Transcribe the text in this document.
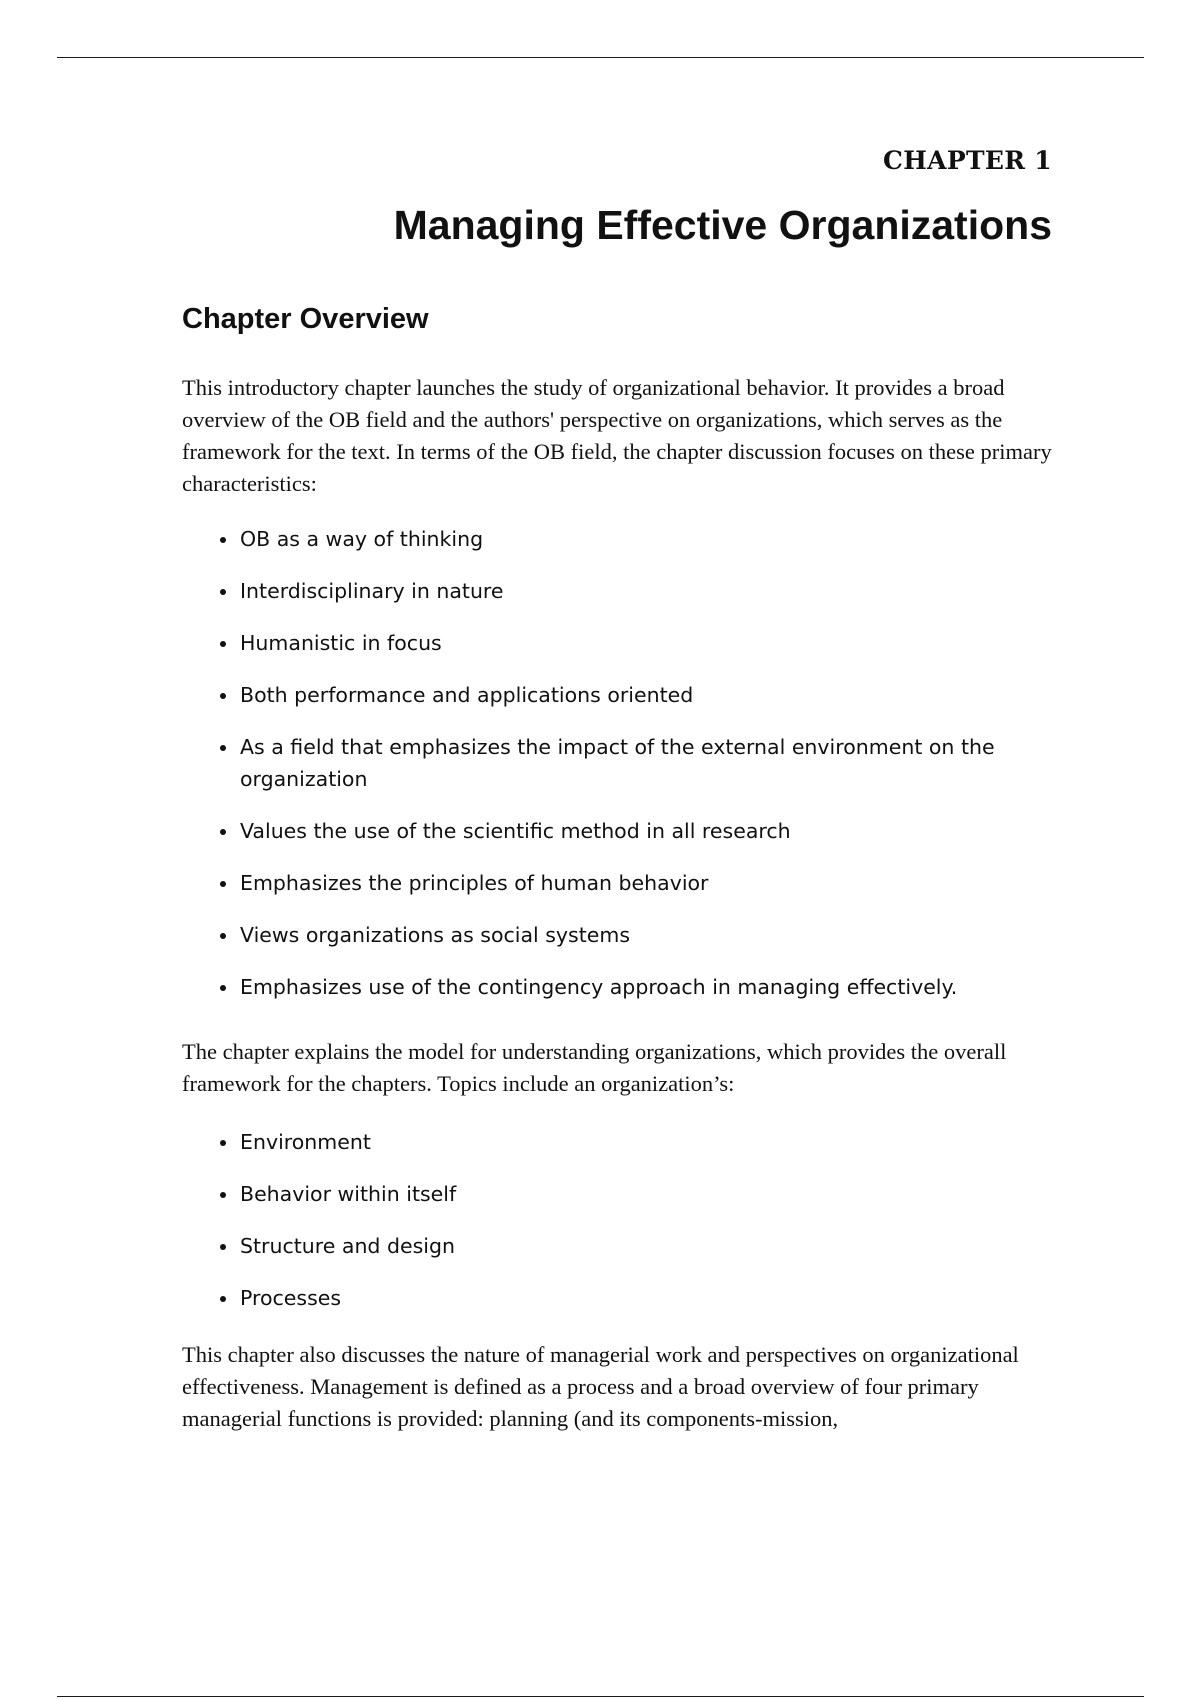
CHAPTER 1
Managing Effective Organizations
Chapter Overview

This introductory chapter launches the study of organizational behavior. It provides a broad overview of the OB field and the authors' perspective on organizations, which serves as the framework for the text. In terms of the OB field, the chapter discussion focuses on these primary characteristics:

OB as a way of thinking
Interdisciplinary in nature
Humanistic in focus
Both performance and applications oriented
As a field that emphasizes the impact of the external environment on the organization
Values the use of the scientific method in all research
Emphasizes the principles of human behavior
Views organizations as social systems
Emphasizes use of the contingency approach in managing effectively.

The chapter explains the model for understanding organizations, which provides the overall framework for the chapters. Topics include an organization’s:

Environment
Behavior within itself
Structure and design
Processes

This chapter also discusses the nature of managerial work and perspectives on organizational effectiveness. Management is defined as a process and a broad overview of four primary managerial functions is provided: planning (and its components-mission,
